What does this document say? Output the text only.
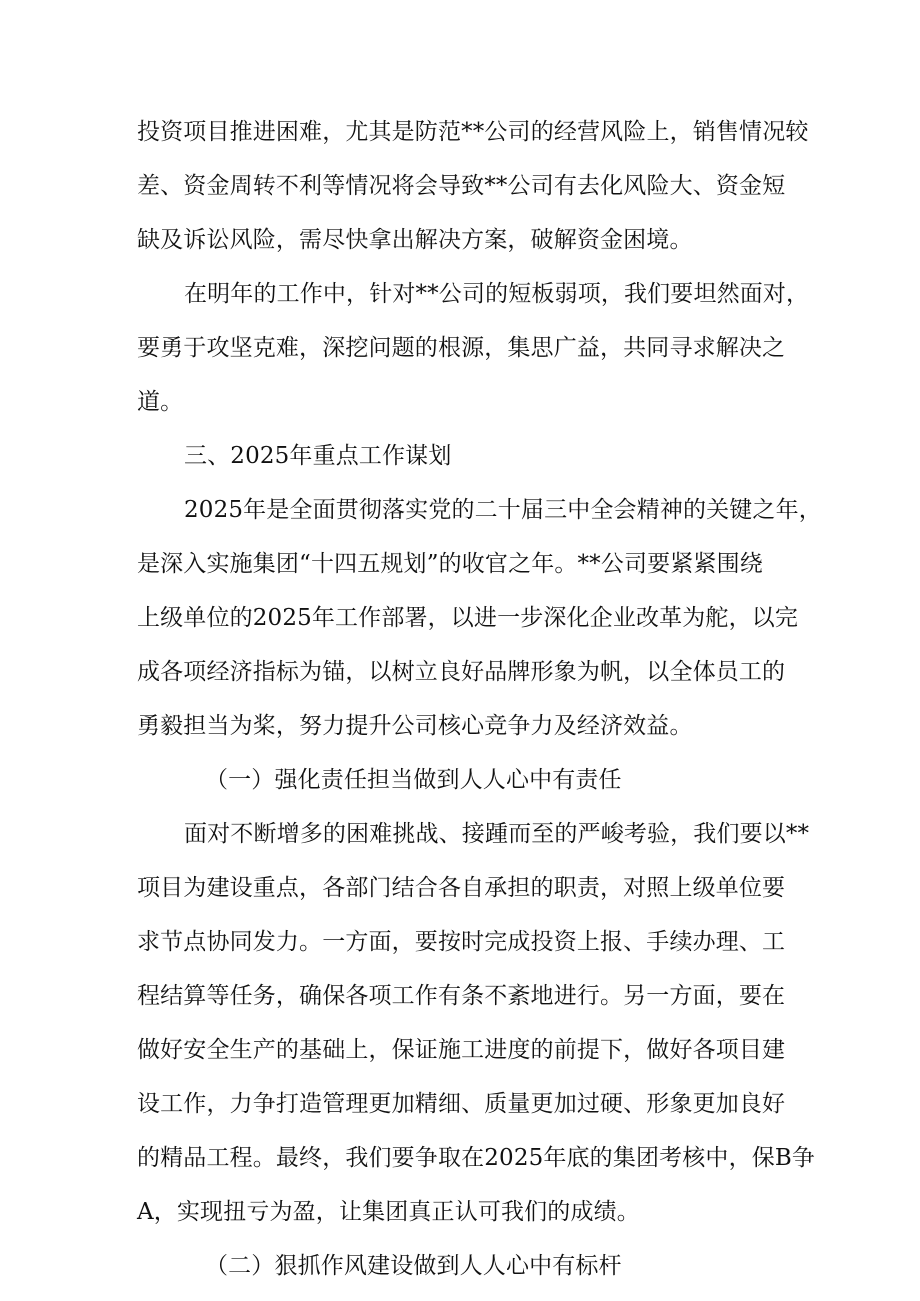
投资项目推进困难，尤其是防范**公司的经营风险上，销售情况较
差、资金周转不利等情况将会导致**公司有去化风险大、资金短
缺及诉讼风险，需尽快拿出解决方案，破解资金困境。
在明年的工作中，针对**公司的短板弱项，我们要坦然面对，
要勇于攻坚克难，深挖问题的根源，集思广益，共同寻求解决之
道。
三、2025年重点工作谋划
2025年是全面贯彻落实党的二十届三中全会精神的关键之年，
是深入实施集团“十四五规划”的收官之年。**公司要紧紧围绕
上级单位的2025年工作部署，以进一步深化企业改革为舵，以完
成各项经济指标为锚，以树立良好品牌形象为帆，以全体员工的
勇毅担当为桨，努力提升公司核心竞争力及经济效益。
（一）强化责任担当做到人人心中有责任
面对不断增多的困难挑战、接踵而至的严峻考验，我们要以**
项目为建设重点，各部门结合各自承担的职责，对照上级单位要
求节点协同发力。一方面，要按时完成投资上报、手续办理、工
程结算等任务，确保各项工作有条不紊地进行。另一方面，要在
做好安全生产的基础上，保证施工进度的前提下，做好各项目建
设工作，力争打造管理更加精细、质量更加过硬、形象更加良好
的精品工程。最终，我们要争取在2025年底的集团考核中，保B争
A，实现扭亏为盈，让集团真正认可我们的成绩。
（二）狠抓作风建设做到人人心中有标杆
